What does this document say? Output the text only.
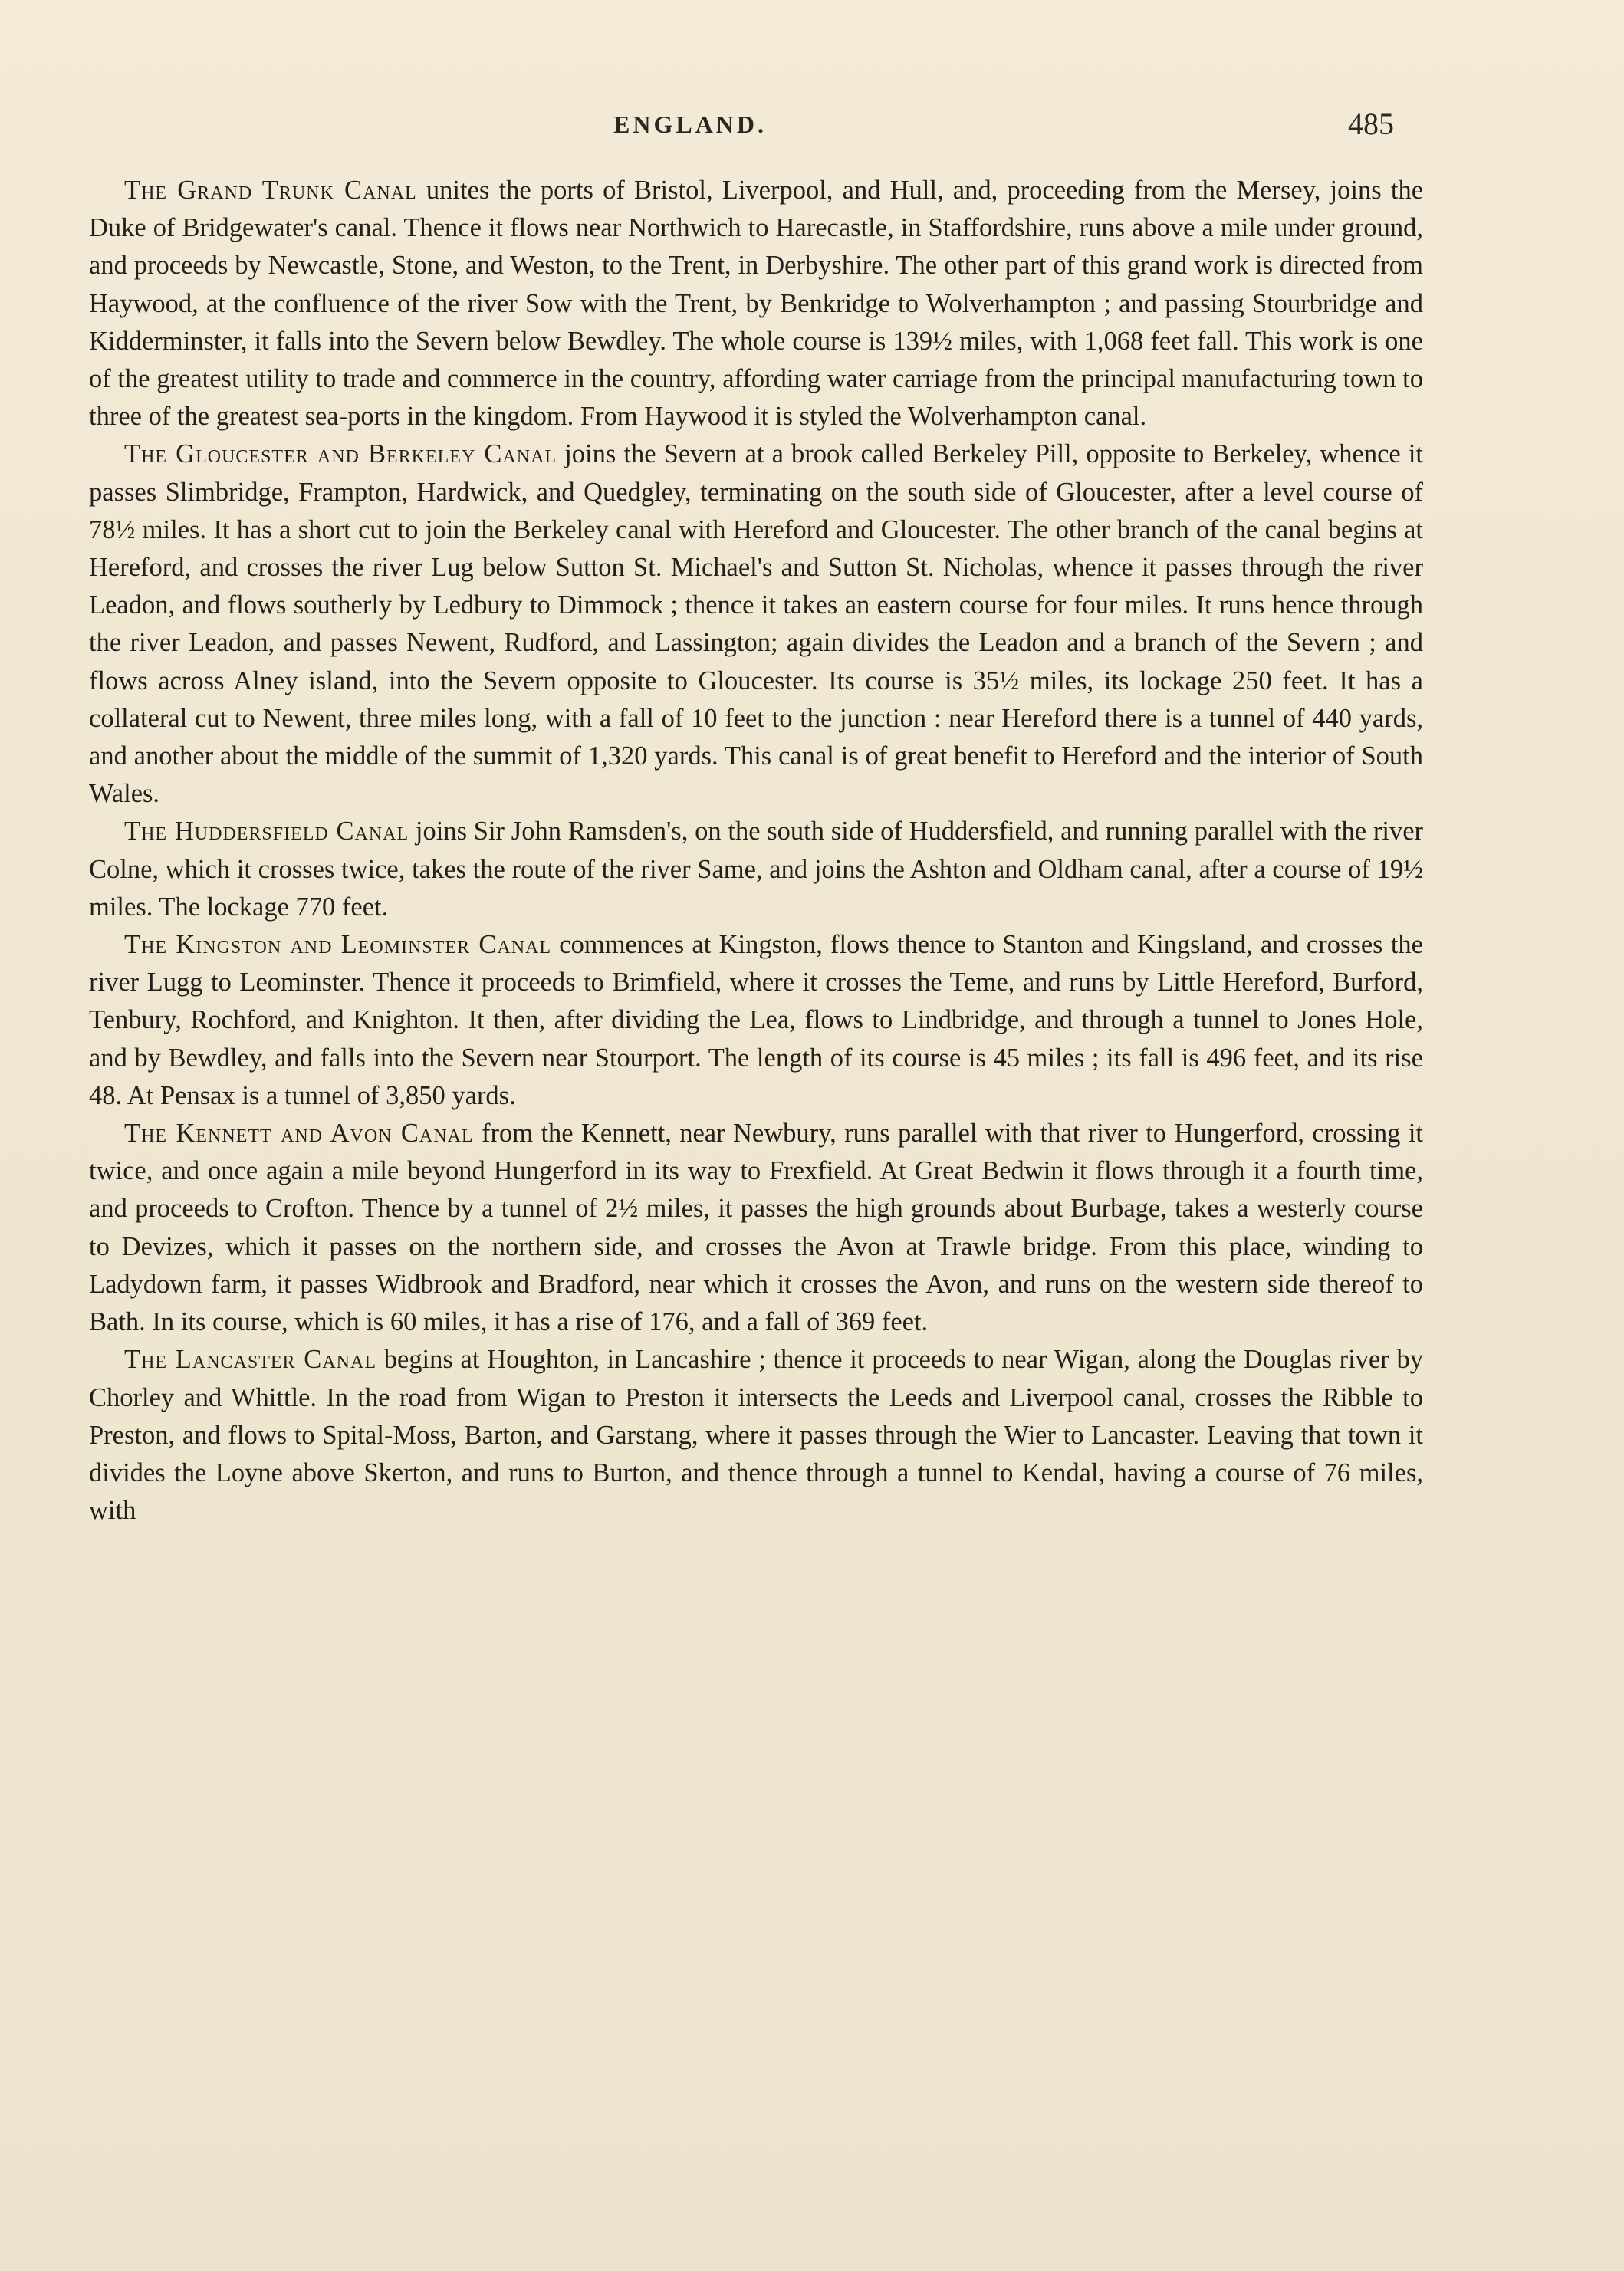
ENGLAND.	485

The Grand Trunk Canal unites the ports of Bristol, Liverpool, and Hull, and, proceeding from the Mersey, joins the Duke of Bridgewater's canal. Thence it flows near Northwich to Harecastle, in Staffordshire, runs above a mile under ground, and proceeds by Newcastle, Stone, and Weston, to the Trent, in Derbyshire. The other part of this grand work is directed from Haywood, at the confluence of the river Sow with the Trent, by Benkridge to Wolverhampton ; and passing Stourbridge and Kidderminster, it falls into the Severn below Bewdley. The whole course is 139½ miles, with 1,068 feet fall. This work is one of the greatest utility to trade and commerce in the country, affording water carriage from the principal manufacturing town to three of the greatest sea-ports in the kingdom. From Haywood it is styled the Wolverhampton canal.

The Gloucester and Berkeley Canal joins the Severn at a brook called Berkeley Pill, opposite to Berkeley, whence it passes Slimbridge, Frampton, Hardwick, and Quedgley, terminating on the south side of Gloucester, after a level course of 78½ miles. It has a short cut to join the Berkeley canal with Hereford and Gloucester. The other branch of the canal begins at Hereford, and crosses the river Lug below Sutton St. Michael's and Sutton St. Nicholas, whence it passes through the river Leadon, and flows southerly by Ledbury to Dimmock ; thence it takes an eastern course for four miles. It runs hence through the river Leadon, and passes Newent, Rudford, and Lassington; again divides the Leadon and a branch of the Severn ; and flows across Alney island, into the Severn opposite to Gloucester. Its course is 35½ miles, its lockage 250 feet. It has a collateral cut to Newent, three miles long, with a fall of 10 feet to the junction : near Hereford there is a tunnel of 440 yards, and another about the middle of the summit of 1,320 yards. This canal is of great benefit to Hereford and the interior of South Wales.

The Huddersfield Canal joins Sir John Ramsden's, on the south side of Huddersfield, and running parallel with the river Colne, which it crosses twice, takes the route of the river Same, and joins the Ashton and Oldham canal, after a course of 19½ miles. The lockage 770 feet.

The Kingston and Leominster Canal commences at Kingston, flows thence to Stanton and Kingsland, and crosses the river Lugg to Leominster. Thence it proceeds to Brimfield, where it crosses the Teme, and runs by Little Hereford, Burford, Tenbury, Rochford, and Knighton. It then, after dividing the Lea, flows to Lindbridge, and through a tunnel to Jones Hole, and by Bewdley, and falls into the Severn near Stourport. The length of its course is 45 miles ; its fall is 496 feet, and its rise 48. At Pensax is a tunnel of 3,850 yards.

The Kennett and Avon Canal from the Kennett, near Newbury, runs parallel with that river to Hungerford, crossing it twice, and once again a mile beyond Hungerford in its way to Frexfield. At Great Bedwin it flows through it a fourth time, and proceeds to Crofton. Thence by a tunnel of 2½ miles, it passes the high grounds about Burbage, takes a westerly course to Devizes, which it passes on the northern side, and crosses the Avon at Trawle bridge. From this place, winding to Ladydown farm, it passes Widbrook and Bradford, near which it crosses the Avon, and runs on the western side thereof to Bath. In its course, which is 60 miles, it has a rise of 176, and a fall of 369 feet.

The Lancaster Canal begins at Houghton, in Lancashire ; thence it proceeds to near Wigan, along the Douglas river by Chorley and Whittle. In the road from Wigan to Preston it intersects the Leeds and Liverpool canal, crosses the Ribble to Preston, and flows to Spital-Moss, Barton, and Garstang, where it passes through the Wier to Lancaster. Leaving that town it divides the Loyne above Skerton, and runs to Burton, and thence through a tunnel to Kendal, having a course of 76 miles, with
